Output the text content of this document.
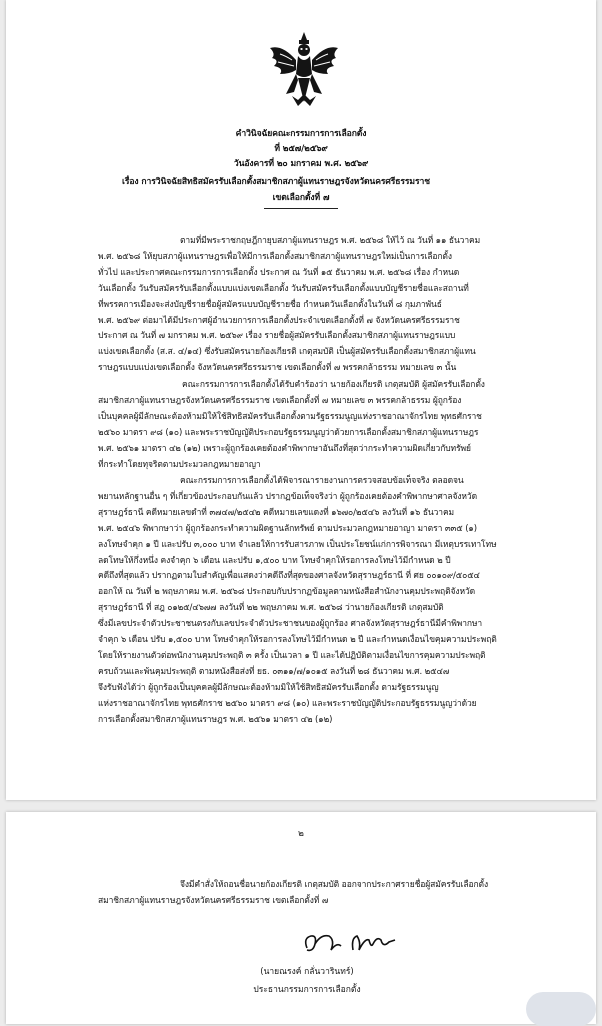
คำวินิจฉัยคณะกรรมการการเลือกตั้ง
ที่ ๒๕๗/๒๕๖๙
วันอังคารที่ ๒๐ มกราคม พ.ศ. ๒๕๖๙
เรื่อง การวินิจฉัยสิทธิสมัครรับเลือกตั้งสมาชิกสภาผู้แทนราษฎรจังหวัดนครศรีธรรมราช
เขตเลือกตั้งที่ ๗
ตามที่มีพระราชกฤษฎีกายุบสภาผู้แทนราษฎร พ.ศ. ๒๕๖๘ ให้ไว้ ณ วันที่ ๑๑ ธันวาคม
พ.ศ. ๒๕๖๘ ให้ยุบสภาผู้แทนราษฎรเพื่อให้มีการเลือกตั้งสมาชิกสภาผู้แทนราษฎรใหม่เป็นการเลือกตั้ง
ทั่วไป และประกาศคณะกรรมการการเลือกตั้ง ประกาศ ณ วันที่ ๑๕ ธันวาคม พ.ศ. ๒๕๖๘ เรื่อง กำหนด
วันเลือกตั้ง วันรับสมัครรับเลือกตั้งแบบแบ่งเขตเลือกตั้ง วันรับสมัครรับเลือกตั้งแบบบัญชีรายชื่อและสถานที่
ที่พรรคการเมืองจะส่งบัญชีรายชื่อผู้สมัครแบบบัญชีรายชื่อ กำหนดวันเลือกตั้งในวันที่ ๘ กุมภาพันธ์
พ.ศ. ๒๕๖๙ ต่อมาได้มีประกาศผู้อำนวยการการเลือกตั้งประจำเขตเลือกตั้งที่ ๗ จังหวัดนครศรีธรรมราช
ประกาศ ณ วันที่ ๗ มกราคม พ.ศ. ๒๕๖๙ เรื่อง รายชื่อผู้สมัครรับเลือกตั้งสมาชิกสภาผู้แทนราษฎรแบบ
แบ่งเขตเลือกตั้ง (ส.ส. ๔/๑๔) ซึ่งรับสมัครนายก้องเกียรติ เกตุสมบัติ เป็นผู้สมัครรับเลือกตั้งสมาชิกสภาผู้แทน
ราษฎรแบบแบ่งเขตเลือกตั้ง จังหวัดนครศรีธรรมราช เขตเลือกตั้งที่ ๗ พรรคกล้าธรรม หมายเลข ๓ นั้น
คณะกรรมการการเลือกตั้งได้รับคำร้องว่า นายก้องเกียรติ เกตุสมบัติ ผู้สมัครรับเลือกตั้ง
สมาชิกสภาผู้แทนราษฎรจังหวัดนครศรีธรรมราช เขตเลือกตั้งที่ ๗ หมายเลข ๓ พรรคกล้าธรรม ผู้ถูกร้อง
เป็นบุคคลผู้มีลักษณะต้องห้ามมิให้ใช้สิทธิสมัครรับเลือกตั้งตามรัฐธรรมนูญแห่งราชอาณาจักรไทย พุทธศักราช
๒๕๖๐ มาตรา ๙๘ (๑๐) และพระราชบัญญัติประกอบรัฐธรรมนูญว่าด้วยการเลือกตั้งสมาชิกสภาผู้แทนราษฎร
พ.ศ. ๒๕๖๑ มาตรา ๔๒ (๑๒) เพราะผู้ถูกร้องเคยต้องคำพิพากษาอันถึงที่สุดว่ากระทำความผิดเกี่ยวกับทรัพย์
ที่กระทำโดยทุจริตตามประมวลกฎหมายอาญา
คณะกรรมการการเลือกตั้งได้พิจารณารายงานการตรวจสอบข้อเท็จจริง ตลอดจน
พยานหลักฐานอื่น ๆ ที่เกี่ยวข้องประกอบกันแล้ว ปรากฏข้อเท็จจริงว่า ผู้ถูกร้องเคยต้องคำพิพากษาศาลจังหวัด
สุราษฎร์ธานี คดีหมายเลขดำที่ ๓๗๔๗/๒๕๔๒ คดีหมายเลขแดงที่ ๑๖๗๐/๒๕๔๖ ลงวันที่ ๑๖ ธันวาคม
พ.ศ. ๒๕๔๖ พิพากษาว่า ผู้ถูกร้องกระทำความผิดฐานลักทรัพย์ ตามประมวลกฎหมายอาญา มาตรา ๓๓๕ (๑)
ลงโทษจำคุก ๑ ปี และปรับ ๓,๐๐๐ บาท จำเลยให้การรับสารภาพ เป็นประโยชน์แก่การพิจารณา มีเหตุบรรเทาโทษ
ลดโทษให้กึ่งหนึ่ง คงจำคุก ๖ เดือน และปรับ ๑,๕๐๐ บาท โทษจำคุกให้รอการลงโทษไว้มีกำหนด ๒ ปี
คดีถึงที่สุดแล้ว ปรากฏตามใบสำคัญเพื่อแสดงว่าคดีถึงที่สุดของศาลจังหวัดสุราษฎร์ธานี ที่ ศย ๐๐๑๐๙/๕๐๕๔
ออกให้ ณ วันที่ ๒ พฤษภาคม พ.ศ. ๒๕๖๘ ประกอบกับปรากฏข้อมูลตามหนังสือสำนักงานคุมประพฤติจังหวัด
สุราษฎร์ธานี ที่ สฎ ๐๑๒๕/๔๖๗๗ ลงวันที่ ๒๒ พฤษภาคม พ.ศ. ๒๕๖๘ ว่านายก้องเกียรติ เกตุสมบัติ
ซึ่งมีเลขประจำตัวประชาชนตรงกับเลขประจำตัวประชาชนของผู้ถูกร้อง ศาลจังหวัดสุราษฎร์ธานีมีคำพิพากษา
จำคุก ๖ เดือน ปรับ ๑,๕๐๐ บาท โทษจำคุกให้รอการลงโทษไว้มีกำหนด ๒ ปี และกำหนดเงื่อนไขคุมความประพฤติ
โดยให้รายงานตัวต่อพนักงานคุมประพฤติ ๓ ครั้ง เป็นเวลา ๑ ปี และได้ปฏิบัติตามเงื่อนไขการคุมความประพฤติ
ครบถ้วนและพ้นคุมประพฤติ ตามหนังสือส่งที่ ยธ. ๐๓๑๑/๗/๑๐๑๕ ลงวันที่ ๒๘ ธันวาคม พ.ศ. ๒๕๔๗
จึงรับฟังได้ว่า ผู้ถูกร้องเป็นบุคคลผู้มีลักษณะต้องห้ามมิให้ใช้สิทธิสมัครรับเลือกตั้ง ตามรัฐธรรมนูญ
แห่งราชอาณาจักรไทย พุทธศักราช ๒๕๖๐ มาตรา ๙๘ (๑๐) และพระราชบัญญัติประกอบรัฐธรรมนูญว่าด้วย
การเลือกตั้งสมาชิกสภาผู้แทนราษฎร พ.ศ. ๒๕๖๑ มาตรา ๔๒ (๑๒)
๒
จึงมีคำสั่งให้ถอนชื่อนายก้องเกียรติ เกตุสมบัติ ออกจากประกาศรายชื่อผู้สมัครรับเลือกตั้ง
สมาชิกสภาผู้แทนราษฎรจังหวัดนครศรีธรรมราช เขตเลือกตั้งที่ ๗
(นายณรงค์ กลั่นวารินทร์)
ประธานกรรมการการเลือกตั้ง
